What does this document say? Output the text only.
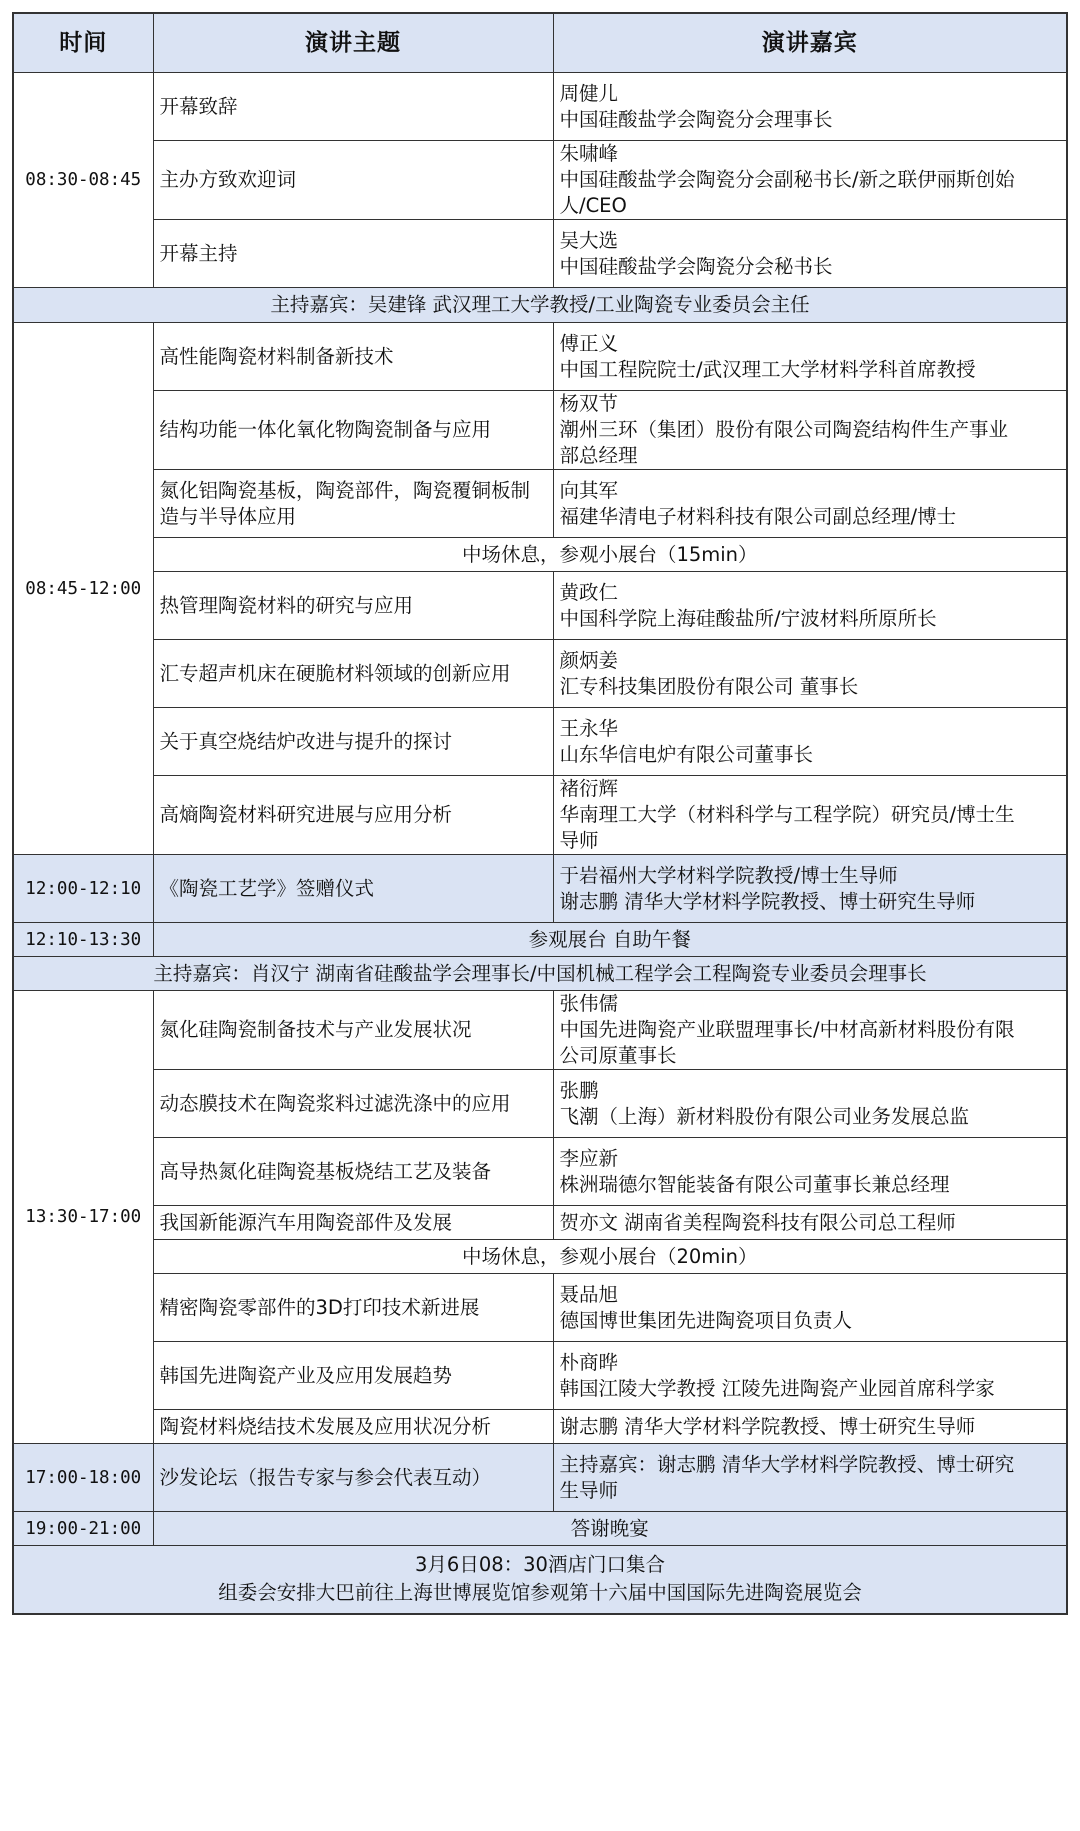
时间	演讲主题	演讲嘉宾
08:30-08:45	开幕致辞	周健儿
中国硅酸盐学会陶瓷分会理事长

	主办方致欢迎词	朱啸峰
中国硅酸盐学会陶瓷分会副秘书长/新之联伊丽斯创始
人/CEO

	开幕主持	吴大选
中国硅酸盐学会陶瓷分会秘书长

主持嘉宾：吴建锋 武汉理工大学教授/工业陶瓷专业委员会主任		
08:45-12:00	高性能陶瓷材料制备新技术	傅正义
中国工程院院士/武汉理工大学材料学科首席教授

	结构功能一体化氧化物陶瓷制备与应用	杨双节
潮州三环（集团）股份有限公司陶瓷结构件生产事业
部总经理

	氮化铝陶瓷基板，陶瓷部件，陶瓷覆铜板制造与半导体应用	向其军
福建华清电子材料科技有限公司副总经理/博士

	中场休息，参观小展台（15min）	
	热管理陶瓷材料的研究与应用	黄政仁
中国科学院上海硅酸盐所/宁波材料所原所长

	汇专超声机床在硬脆材料领域的创新应用	颜炳姜
汇专科技集团股份有限公司 董事长

	关于真空烧结炉改进与提升的探讨	王永华
山东华信电炉有限公司董事长

	高熵陶瓷材料研究进展与应用分析	褚衍辉
华南理工大学（材料科学与工程学院）研究员/博士生
导师

12:00-12:10	《陶瓷工艺学》签赠仪式	于岩福州大学材料学院教授/博士生导师
谢志鹏 清华大学材料学院教授、博士研究生导师

12:10-13:30	参观展台 自助午餐	
主持嘉宾：肖汉宁 湖南省硅酸盐学会理事长/中国机械工程学会工程陶瓷专业委员会理事长		
13:30-17:00	氮化硅陶瓷制备技术与产业发展状况	张伟儒
中国先进陶瓷产业联盟理事长/中材高新材料股份有限
公司原董事长

	动态膜技术在陶瓷浆料过滤洗涤中的应用	张鹏
飞潮（上海）新材料股份有限公司业务发展总监

	高导热氮化硅陶瓷基板烧结工艺及装备	李应新
株洲瑞德尔智能装备有限公司董事长兼总经理

	我国新能源汽车用陶瓷部件及发展	贺亦文 湖南省美程陶瓷科技有限公司总工程师

	中场休息，参观小展台（20min）	
	精密陶瓷零部件的3D打印技术新进展	聂品旭
德国博世集团先进陶瓷项目负责人

	韩国先进陶瓷产业及应用发展趋势	朴商晔
韩国江陵大学教授 江陵先进陶瓷产业园首席科学家

	陶瓷材料烧结技术发展及应用状况分析	谢志鹏 清华大学材料学院教授、博士研究生导师

17:00-18:00	沙发论坛（报告专家与参会代表互动）	主持嘉宾：谢志鹏 清华大学材料学院教授、博士研究
生导师

19:00-21:00	答谢晚宴	

3月6日08：30酒店门口集合
组委会安排大巴前往上海世博展览馆参观第十六届中国国际先进陶瓷展览会		
